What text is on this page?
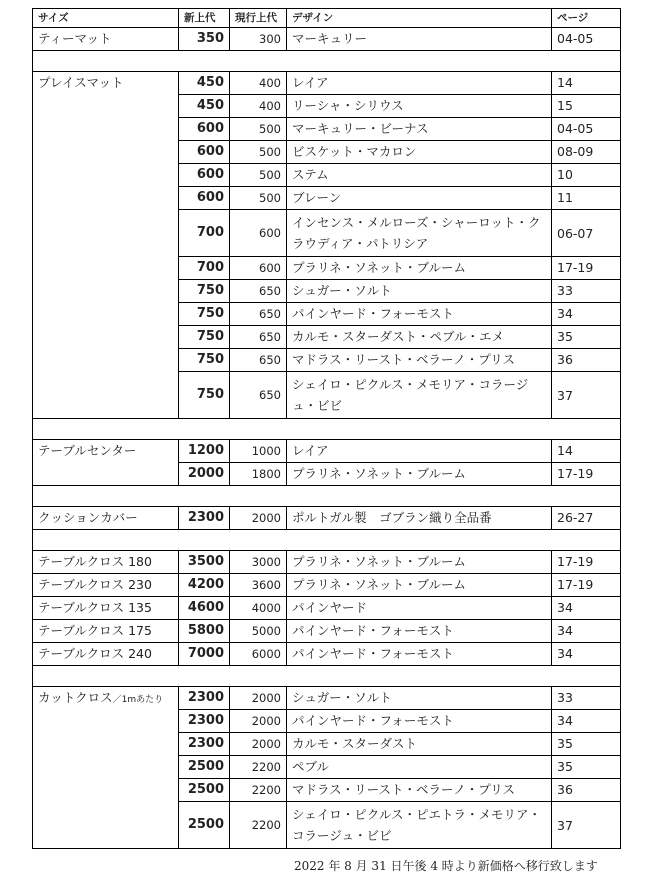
サイズ	新上代	現行上代	デザイン	ページ
ティーマット	350	300	マーキュリー	04-05

プレイスマット	450	400	レイア	14
	450	400	リーシャ・シリウス	15
	600	500	マーキュリー・ビーナス	04-05
	600	500	ビスケット・マカロン	08-09
	600	500	ステム	10
	600	500	ブレーン	11
	700	600	インセンス・メルローズ・シャーロット・クラウディア・パトリシア	06-07
	700	600	プラリネ・ソネット・ブルーム	17-19
	750	650	シュガー・ソルト	33
	750	650	パインヤード・フォーモスト	34
	750	650	カルモ・スターダスト・ペブル・エメ	35
	750	650	マドラス・リースト・ベラーノ・プリス	36
	750	650	シェイロ・ピクルス・メモリア・コラージュ・ビビ	37

テーブルセンター	1200	1000	レイア	14
	2000	1800	プラリネ・ソネット・ブルーム	17-19

クッションカバー	2300	2000	ポルトガル製　ゴブラン織り全品番	26-27

テーブルクロス 180	3500	3000	プラリネ・ソネット・ブルーム	17-19
テーブルクロス 230	4200	3600	プラリネ・ソネット・ブルーム	17-19
テーブルクロス 135	4600	4000	パインヤード	34
テーブルクロス 175	5800	5000	パインヤード・フォーモスト	34
テーブルクロス 240	7000	6000	パインヤード・フォーモスト	34

カットクロス／1mあたり	2300	2000	シュガー・ソルト	33
	2300	2000	パインヤード・フォーモスト	34
	2300	2000	カルモ・スターダスト	35
	2500	2200	ペブル	35
	2500	2200	マドラス・リースト・ベラーノ・プリス	36
	2500	2200	シェイロ・ピクルス・ピエトラ・メモリア・コラージュ・ビビ	37
2022 年 8 月 31 日午後 4 時より新価格へ移行致します
